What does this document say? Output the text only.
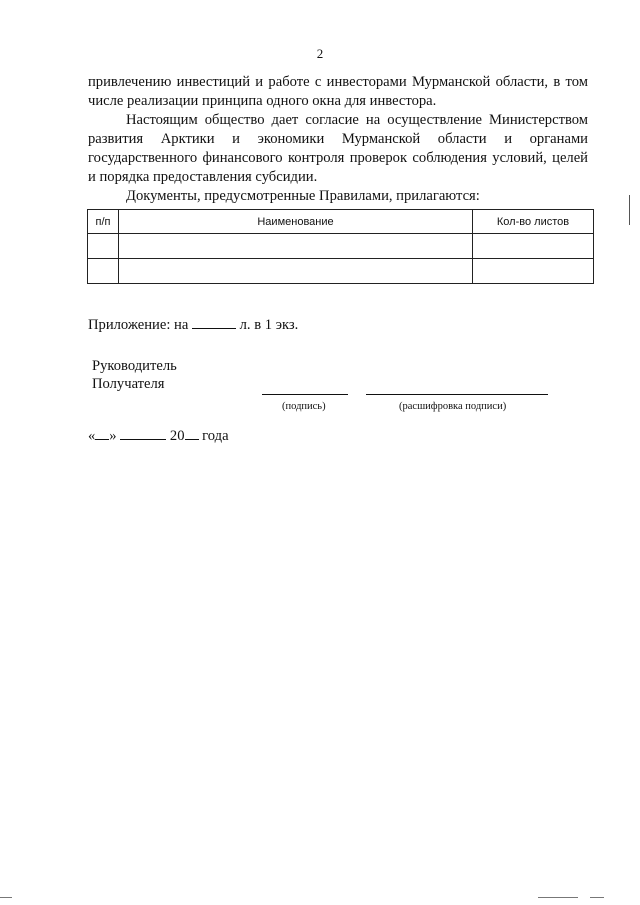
2

привлечению инвестиций и работе с инвесторами Мурманской области, в том числе реализации принципа одного окна для инвестора.

Настоящим общество дает согласие на осуществление Министерством развития Арктики и экономики Мурманской области и органами государственного финансового контроля проверок соблюдения условий, целей и порядка предоставления субсидии.

Документы, предусмотренные Правилами, прилагаются:

п/п	Наименование	Кол-во листов

Приложение: на	л. в 1 экз.
Руководитель
Получателя
(подпись)	(расшифровка подписи)
« »	20 года
